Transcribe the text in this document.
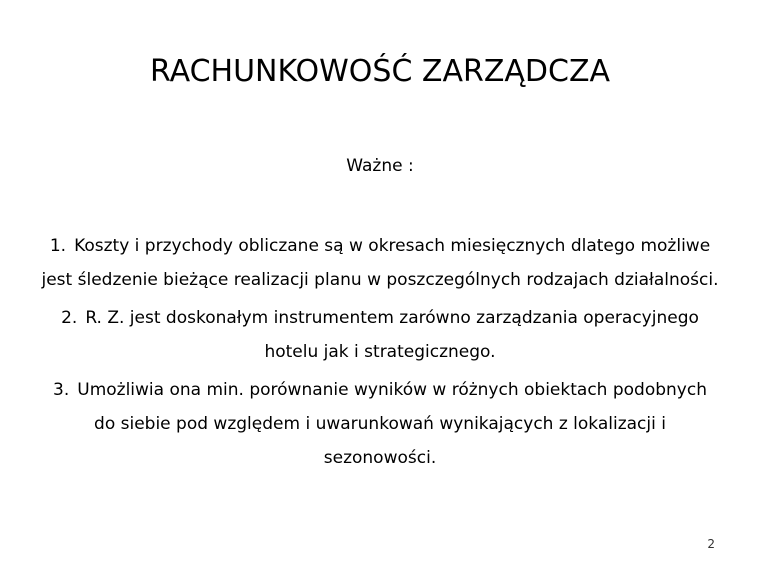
RACHUNKOWOŚĆ ZARZĄDCZA
Ważne :
1. Koszty i przychody obliczane są w okresach miesięcznych dlatego możliwe jest śledzenie bieżące realizacji planu w poszczególnych rodzajach działalności.
2. R. Z. jest doskonałym instrumentem zarówno zarządzania operacyjnego hotelu jak i strategicznego.
3. Umożliwia ona min. porównanie wyników w różnych obiektach podobnych do siebie pod względem i uwarunkowań wynikających z lokalizacji i sezonowości.
2
